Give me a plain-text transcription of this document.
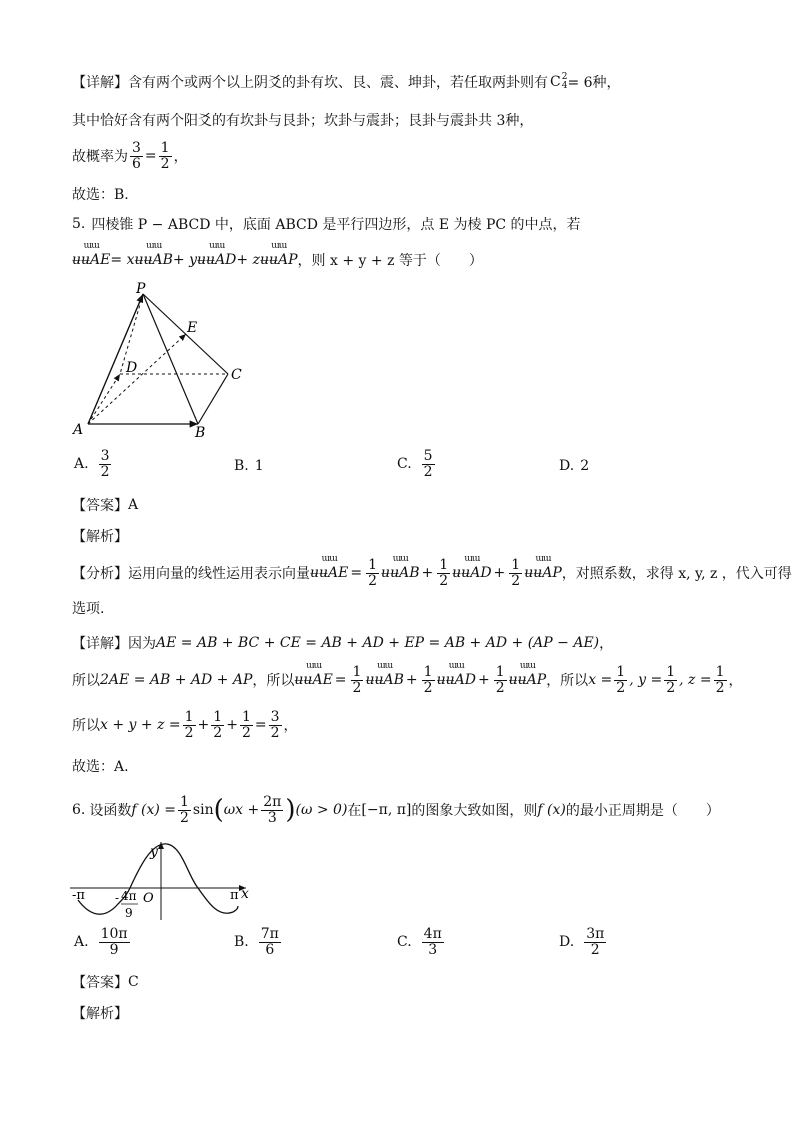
【详解】 含有两个或两个以上阴爻的卦有坎、艮、震、坤卦，若任取两卦则有 C 2
4 = 6种，
其中恰好含有两个阳爻的有坎卦与艮卦；坎卦与震卦；艮卦与震卦共 3种，
故概率为 $\frac{3}{6} = \frac{1}{2}$ ，
故选：B.
5. 四棱锥 P − ABCD 中，底面 ABCD 是平行四边形，点 E 为棱 PC 的中点，若
ʉʉ ɯɯ
AE = x
ʉʉ ɯɯ
AB + y
ʉʉ ɯɯ
AD + z
ʉʉ ɯɯ
AP ，则 x + y + z 等于（　　）
P
E
D	C
A	B
A. $\frac{3}{2}$	B. 1	C. $\frac{5}{2}$	D. 2
【答案】 A
【解析】
【分析】 运用向量的线性运用表示向量
ʉʉ ɯɯ
AE = $\frac{1}{2}$	ʉʉ ɯɯ
AB + $\frac{1}{2}$	ʉʉ ɯɯ
AD + $\frac{1}{2}$	ʉʉ ɯɯ
AP ，对照系数，求得 x, y, z ，代入可得
选项.
【详解】 因为 AE = AB + BC + CE = AB + AD + EP = AB + AD + (AP − AE) ，
所以 2AE = AB + AD + AP ，所以
ʉʉ ɯɯ
AE = $\frac{1}{2}$	ʉʉ ɯɯ
AB + $\frac{1}{2}$	ʉʉ ɯɯ
AD + $\frac{1}{2}$	ʉʉ ɯɯ
AP ，所以 $x = \frac{1}{2}$ , $y = \frac{1}{2}$ , $z = \frac{1}{2}$ ，
所以 $x + y + z = \frac{1}{2} + \frac{1}{2} + \frac{1}{2} = \frac{3}{2}$ ，
故选：A.
6. 设函数 f $(x) = \frac{1}{2}$ sin ( $\omega x + \frac{2\pi}{3}$ ) (ω > 0) 在 [−π, π] 的图象大致如图，则 f (x) 的最小正周期是（　　）
y
x
-π	π
O
- 4π
9
A. $\frac{10\pi}{9}$	B. $\frac{7\pi}{6}$	C. $\frac{4\pi}{3}$	D. $\frac{3\pi}{2}$
【答案】 C
【解析】
